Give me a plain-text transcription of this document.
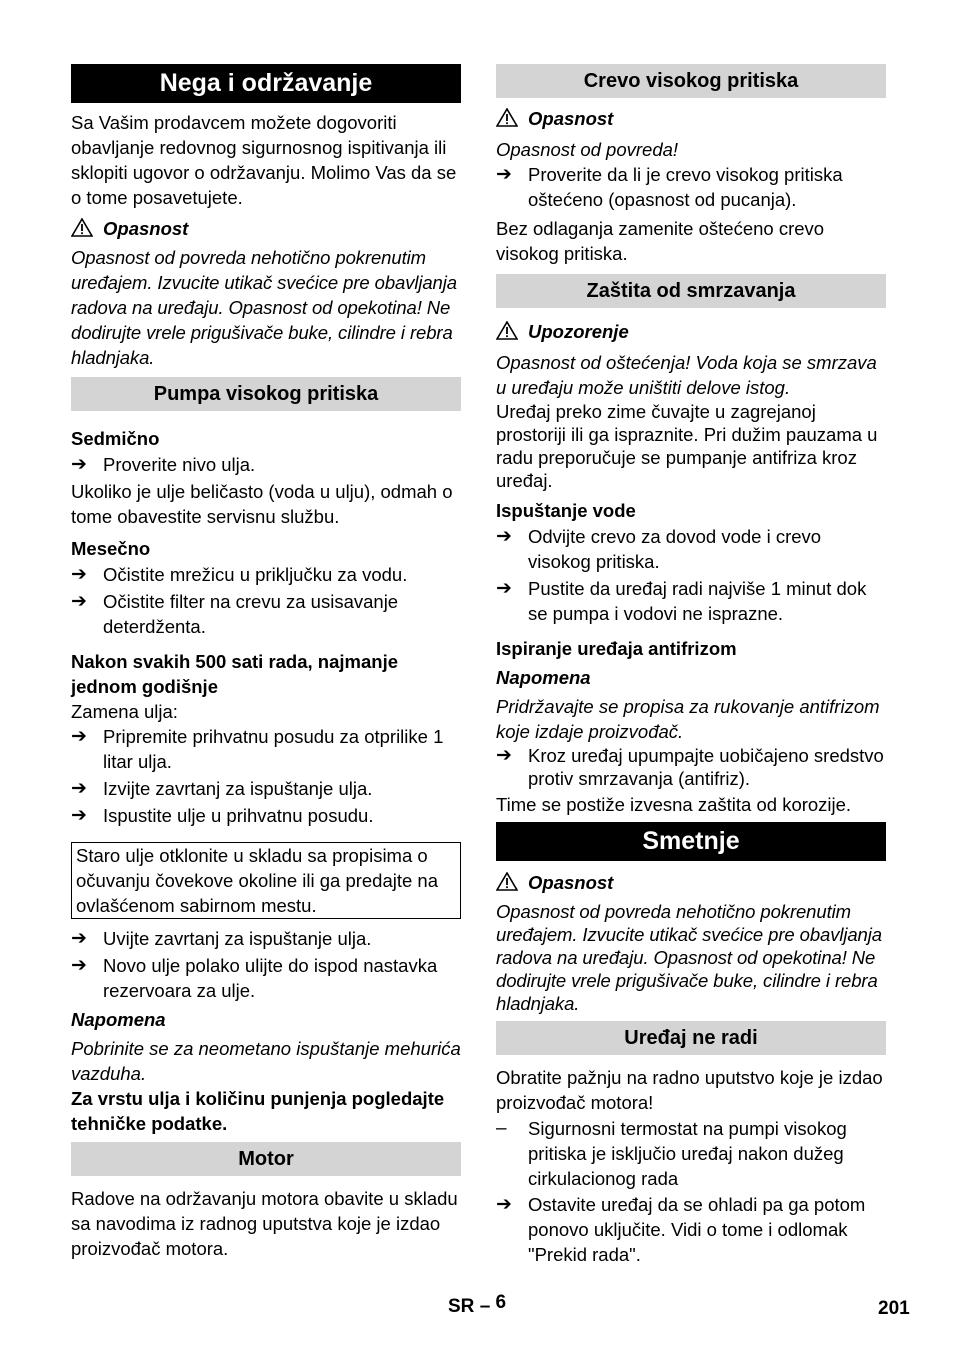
Nega i održavanje

Sa Vašim prodavcem možete dogovoriti obavljanje redovnog sigurnosnog ispitivanja ili sklopiti ugovor o održavanju. Molimo Vas da se o tome posavetujete.

Opasnost

Opasnost od povreda nehotično pokrenutim uređajem. Izvucite utikač svećice pre obavljanja radova na uređaju. Opasnost od opekotina! Ne dodirujte vrele prigušivače buke, cilindre i rebra hladnjaka.

Pumpa visokog pritiska
Sedmično
➔ Proverite nivo ulja.

Ukoliko je ulje beličasto (voda u ulju), odmah o tome obavestite servisnu službu.

Mesečno
➔ Očistite mrežicu u priključku za vodu.
➔ Očistite filter na crevu za usisavanje deterdženta.
Nakon svakih 500 sati rada, najmanje jednom godišnje

Zamena ulja:

➔ Pripremite prihvatnu posudu za otprilike 1 litar ulja.
➔ Izvijte zavrtanj za ispuštanje ulja.
➔ Ispustite ulje u prihvatnu posudu.
Staro ulje otklonite u skladu sa propisima o očuvanju čovekove okoline ili ga predajte na ovlašćenom sabirnom mestu.
➔ Uvijte zavrtanj za ispuštanje ulja.
➔ Novo ulje polako ulijte do ispod nastavka rezervoara za ulje.
Napomena

Pobrinite se za neometano ispuštanje mehurića vazduha.

Za vrstu ulja i količinu punjenja pogledajte tehničke podatke.

Motor

Radove na održavanju motora obavite u skladu sa navodima iz radnog uputstva koje je izdao proizvođač motora.

Crevo visokog pritiska
Opasnost

Opasnost od povreda!

➔ Proverite da li je crevo visokog pritiska oštećeno (opasnost od pucanja).

Bez odlaganja zamenite oštećeno crevo visokog pritiska.

Zaštita od smrzavanja
Upozorenje

Opasnost od oštećenja! Voda koja se smrzava u uređaju može uništiti delove istog.

Uređaj preko zime čuvajte u zagrejanoj prostoriji ili ga ispraznite. Pri dužim pauzama u radu preporučuje se pumpanje antifriza kroz uređaj.

Ispuštanje vode
➔ Odvijte crevo za dovod vode i crevo visokog pritiska.
➔ Pustite da uređaj radi najviše 1 minut dok se pumpa i vodovi ne isprazne.
Ispiranje uređaja antifrizom
Napomena

Pridržavajte se propisa za rukovanje antifrizom koje izdaje proizvođač.

➔ Kroz uređaj upumpajte uobičajeno sredstvo protiv smrzavanja (antifriz).

Time se postiže izvesna zaštita od korozije.

Smetnje
Opasnost

Opasnost od povreda nehotično pokrenutim uređajem. Izvucite utikač svećice pre obavljanja radova na uređaju. Opasnost od opekotina! Ne dodirujte vrele prigušivače buke, cilindre i rebra hladnjaka.

Uređaj ne radi

Obratite pažnju na radno uputstvo koje je izdao proizvođač motora!

–	Sigurnosni termostat na pumpi visokog pritiska je isključio uređaj nakon dužeg cirkulacionog rada
➔ Ostavite uređaj da se ohladi pa ga potom ponovo uključite. Vidi o tome i odlomak "Prekid rada".
SR – 6	201
